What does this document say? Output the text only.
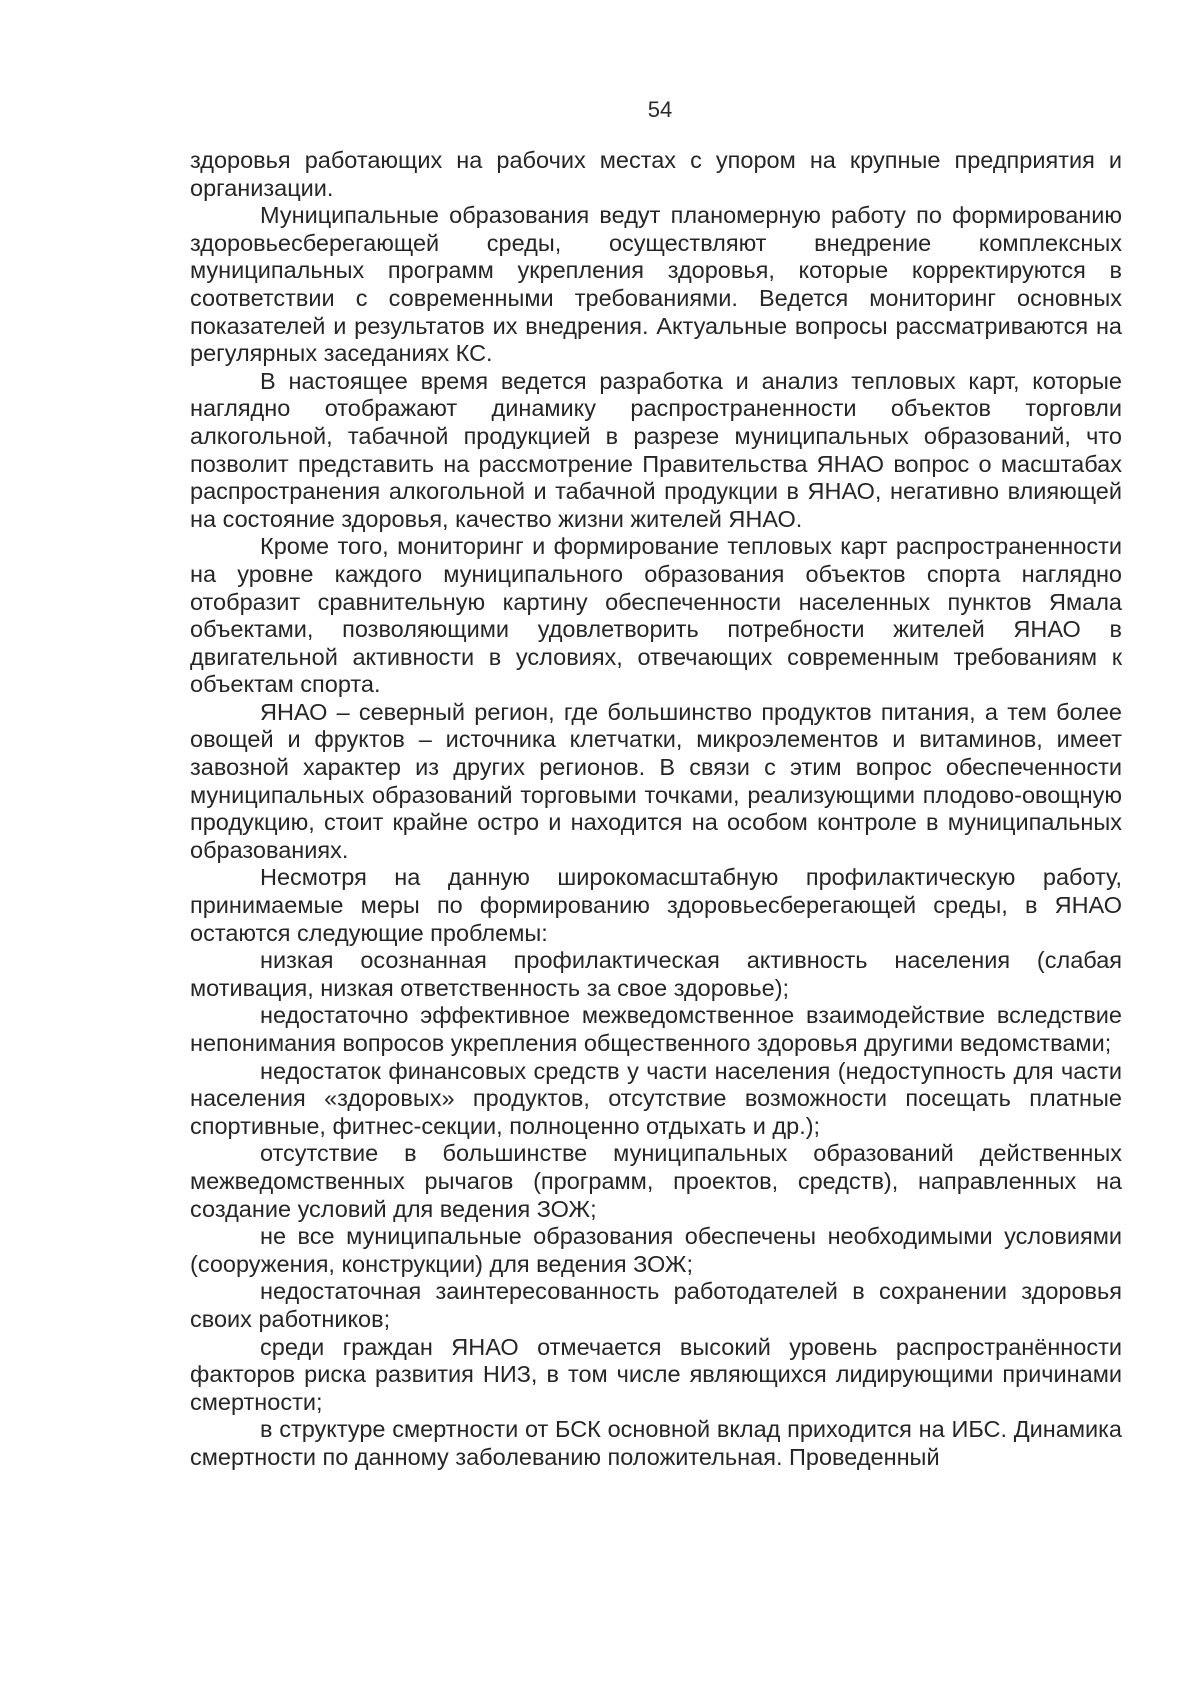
54

здоровья работающих на рабочих местах с упором на крупные предприятия и организации.

Муниципальные образования ведут планомерную работу по формированию здоровьесберегающей среды, осуществляют внедрение комплексных муниципальных программ укрепления здоровья, которые корректируются в соответствии с современными требованиями. Ведется мониторинг основных показателей и результатов их внедрения. Актуальные вопросы рассматриваются на регулярных заседаниях КС.

В настоящее время ведется разработка и анализ тепловых карт, которые наглядно отображают динамику распространенности объектов торговли алкогольной, табачной продукцией в разрезе муниципальных образований, что позволит представить на рассмотрение Правительства ЯНАО вопрос о масштабах распространения алкогольной и табачной продукции в ЯНАО, негативно влияющей на состояние здоровья, качество жизни жителей ЯНАО.

Кроме того, мониторинг и формирование тепловых карт распространенности на уровне каждого муниципального образования объектов спорта наглядно отобразит сравнительную картину обеспеченности населенных пунктов Ямала объектами, позволяющими удовлетворить потребности жителей ЯНАО в двигательной активности в условиях, отвечающих современным требованиям к объектам спорта.

ЯНАО – северный регион, где большинство продуктов питания, а тем более овощей и фруктов – источника клетчатки, микроэлементов и витаминов, имеет завозной характер из других регионов. В связи с этим вопрос обеспеченности муниципальных образований торговыми точками, реализующими плодово-овощную продукцию, стоит крайне остро и находится на особом контроле в муниципальных образованиях.

Несмотря на данную широкомасштабную профилактическую работу, принимаемые меры по формированию здоровьесберегающей среды, в ЯНАО остаются следующие проблемы:

низкая осознанная профилактическая активность населения (слабая мотивация, низкая ответственность за свое здоровье);

недостаточно эффективное межведомственное взаимодействие вследствие непонимания вопросов укрепления общественного здоровья другими ведомствами;

недостаток финансовых средств у части населения (недоступность для части населения «здоровых» продуктов, отсутствие возможности посещать платные спортивные, фитнес-секции, полноценно отдыхать и др.);

отсутствие в большинстве муниципальных образований действенных межведомственных рычагов (программ, проектов, средств), направленных на создание условий для ведения ЗОЖ;

не все муниципальные образования обеспечены необходимыми условиями (сооружения, конструкции) для ведения ЗОЖ;

недостаточная заинтересованность работодателей в сохранении здоровья своих работников;

среди граждан ЯНАО отмечается высокий уровень распространённости факторов риска развития НИЗ, в том числе являющихся лидирующими причинами смертности;

в структуре смертности от БСК основной вклад приходится на ИБС. Динамика смертности по данному заболеванию положительная. Проведенный
